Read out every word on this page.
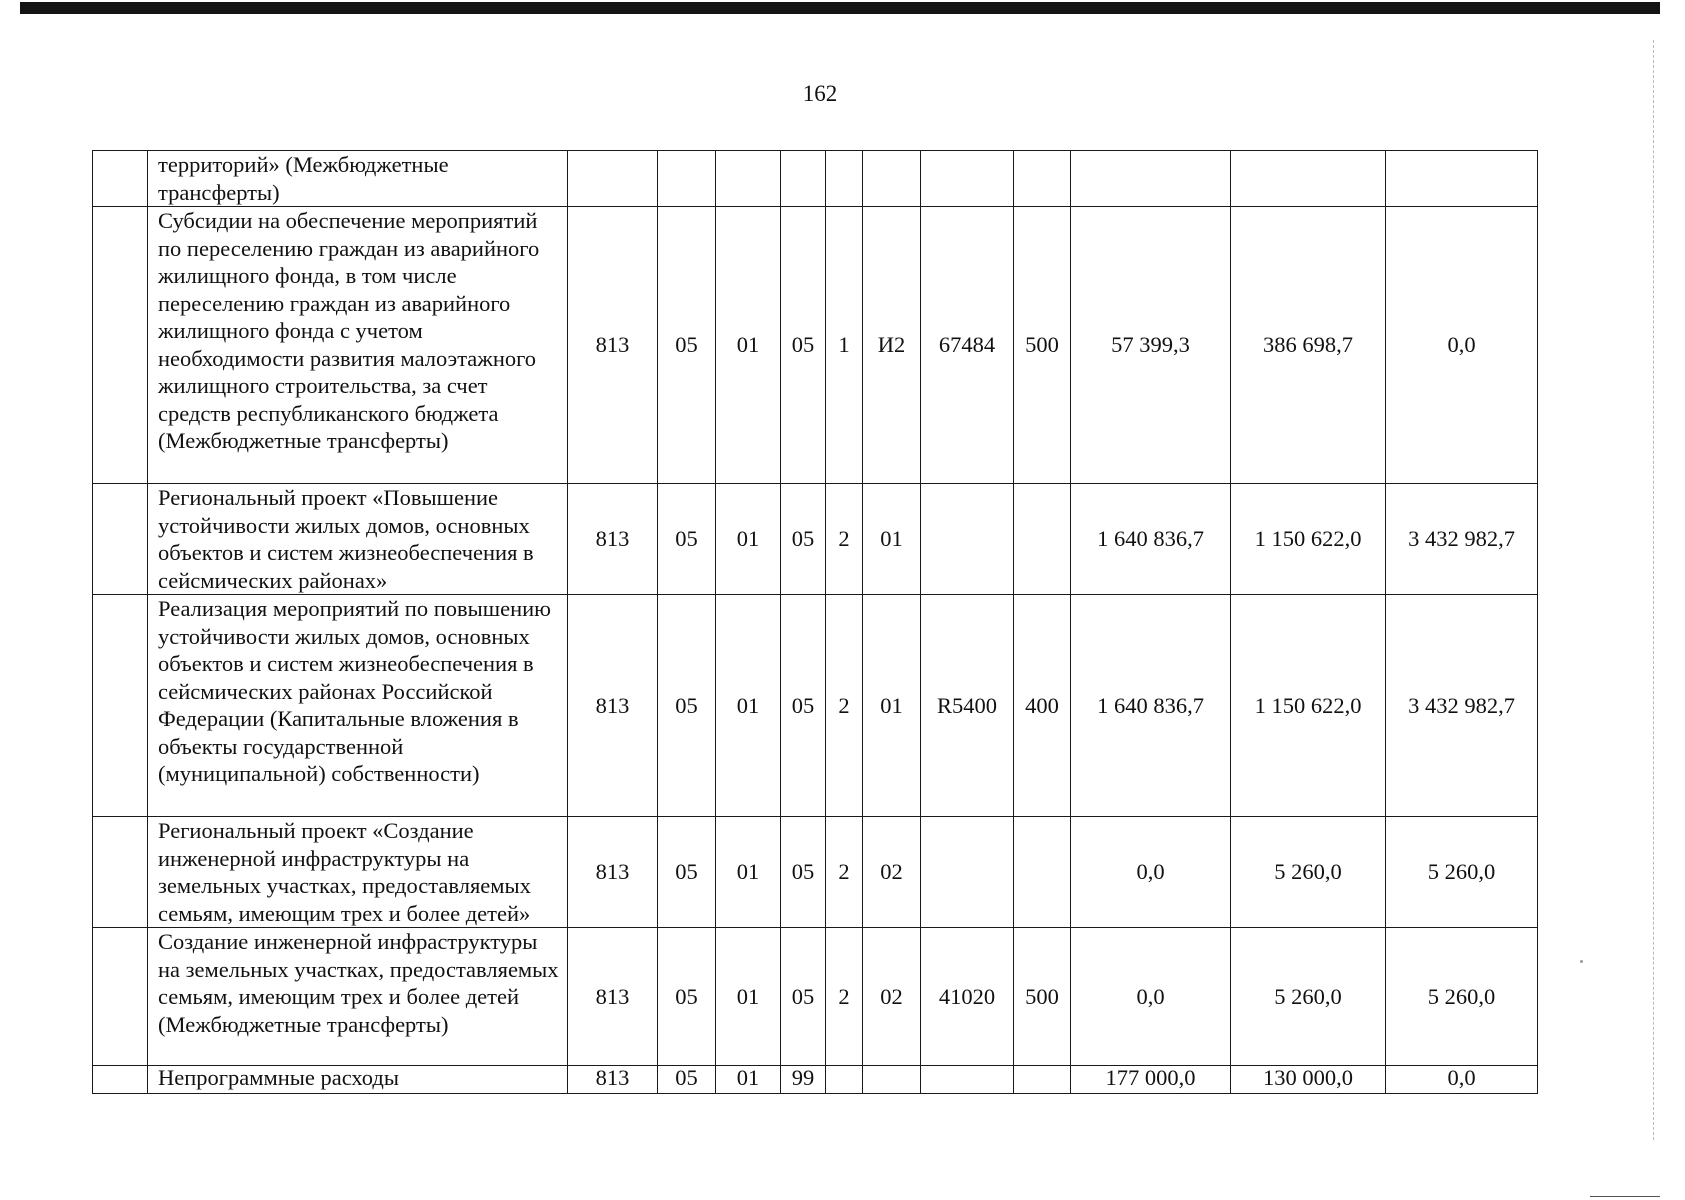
162
	территорий» (Межбюджетные трансферты)											
	Субсидии на обеспечение мероприятий по переселению граждан из аварийного жилищного фонда, в том числе переселению граждан из аварийного жилищного фонда с учетом необходимости развития малоэтажного жилищного строительства, за счет средств республиканского бюджета (Межбюджетные трансферты)	813	05	01	05	1	И2	67484	500	57 399,3	386 698,7	0,0
	Региональный проект «Повышение устойчивости жилых домов, основных объектов и систем жизнеобеспечения в сейсмических районах»	813	05	01	05	2	01			1 640 836,7	1 150 622,0	3 432 982,7
	Реализация мероприятий по повышению устойчивости жилых домов, основных объектов и систем жизнеобеспечения в сейсмических районах Российской Федерации (Капитальные вложения в объекты государственной (муниципальной) собственности)	813	05	01	05	2	01	R5400	400	1 640 836,7	1 150 622,0	3 432 982,7
	Региональный проект «Создание инженерной инфраструктуры на земельных участках, предоставляемых семьям, имеющим трех и более детей»	813	05	01	05	2	02			0,0	5 260,0	5 260,0
	Создание инженерной инфраструктуры на земельных участках, предоставляемых семьям, имеющим трех и более детей (Межбюджетные трансферты)	813	05	01	05	2	02	41020	500	0,0	5 260,0	5 260,0
	Непрограммные расходы	813	05	01	99					177 000,0	130 000,0	0,0
